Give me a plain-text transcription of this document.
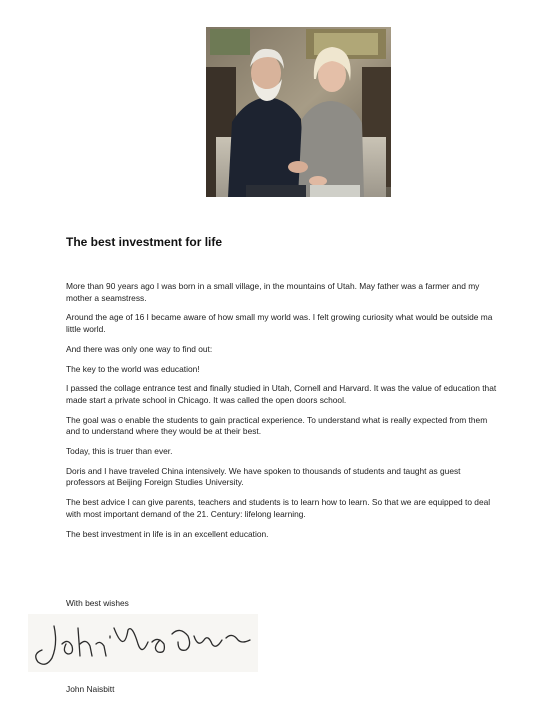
The best investment for life

More than 90 years ago I was born in a small village, in the mountains of Utah. May father was a farmer and my mother a seamstress.

Around the age of 16 I became aware of how small my world was. I felt growing curiosity what would be outside ma little world.

And there was only one way to find out:

The key to the world was education!

I passed the collage entrance test and finally studied in Utah, Cornell and Harvard. It was the value of education that made start a private school in Chicago. It was called the open doors school.

The goal was o enable the students to gain practical experience. To understand what is really expected from them and to understand where they would be at their best.

Today, this is truer than ever.

Doris and I have traveled China intensively. We have spoken to thousands of students and taught as guest professors at Beijing Foreign Studies University.

The best advice I can give parents, teachers and students is to learn how to learn. So that we are equipped to deal with most important demand of the 21. Century: lifelong learning.

The best investment in life is in an excellent education.

With best wishes
John Naisbitt
